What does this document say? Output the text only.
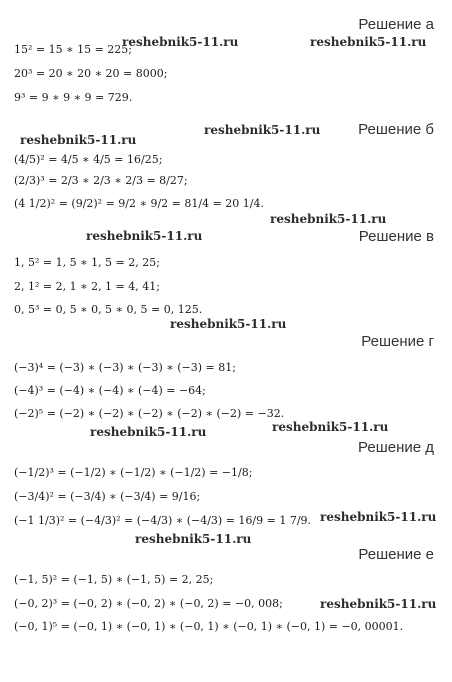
Решение а
15² = 15 ∗ 15 = 225;
20³ = 20 ∗ 20 ∗ 20 = 8000;
9³ = 9 ∗ 9 ∗ 9 = 729.
Решение б
(4/5)² = 4/5 ∗ 4/5 = 16/25;
(2/3)³ = 2/3 ∗ 2/3 ∗ 2/3 = 8/27;
(4 1/2)² = (9/2)² = 9/2 ∗ 9/2 = 81/4 = 20 1/4.
Решение в
1, 5² = 1, 5 ∗ 1, 5 = 2, 25;
2, 1² = 2, 1 ∗ 2, 1 = 4, 41;
0, 5³ = 0, 5 ∗ 0, 5 ∗ 0, 5 = 0, 125.
Решение г
(−3)⁴ = (−3) ∗ (−3) ∗ (−3) ∗ (−3) = 81;
(−4)³ = (−4) ∗ (−4) ∗ (−4) = −64;
(−2)⁵ = (−2) ∗ (−2) ∗ (−2) ∗ (−2) ∗ (−2) = −32.
Решение д
(−1/2)³ = (−1/2) ∗ (−1/2) ∗ (−1/2) = −1/8;
(−3/4)² = (−3/4) ∗ (−3/4) = 9/16;
(−1 1/3)² = (−4/3)² = (−4/3) ∗ (−4/3) = 16/9 = 1 7/9.
Решение е
(−1, 5)² = (−1, 5) ∗ (−1, 5) = 2, 25;
(−0, 2)³ = (−0, 2) ∗ (−0, 2) ∗ (−0, 2) = −0, 008;
(−0, 1)⁵ = (−0, 1) ∗ (−0, 1) ∗ (−0, 1) ∗ (−0, 1) ∗ (−0, 1) = −0, 00001.
reshebnik5-11.ru	reshebnik5-11.ru
reshebnik5-11.ru
reshebnik5-11.ru
reshebnik5-11.ru
reshebnik5-11.ru
reshebnik5-11.ru
reshebnik5-11.ru	reshebnik5-11.ru
reshebnik5-11.ru
reshebnik5-11.ru
reshebnik5-11.ru
